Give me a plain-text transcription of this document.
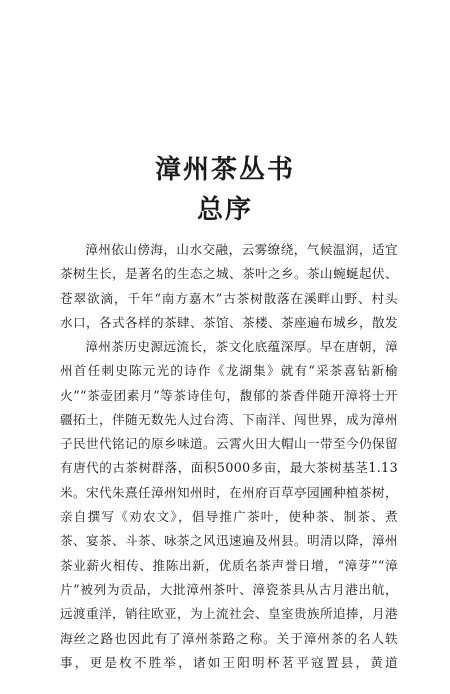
漳州茶丛书
总序

漳州依山傍海，山水交融，云雾缭绕，气候温润，适宜茶树生长，是著名的生态之城、茶叶之乡。茶山蜿蜒起伏、苍翠欲滴，千年“南方嘉木”古茶树散落在溪畔山野、村头水口，各式各样的茶肆、茶馆、茶楼、茶座遍布城乡，散发

漳州茶历史源远流长，茶文化底蕴深厚。早在唐朝，漳州首任刺史陈元光的诗作《龙湖集》就有“采茶喜钻新榆火”“茶壶团素月”等茶诗佳句，馥郁的茶香伴随开漳将士开疆拓土，伴随无数先人过台湾、下南洋、闯世界，成为漳州子民世代铭记的原乡味道。云霄火田大帽山一带至今仍保留有唐代的古茶树群落，面积5000多亩，最大茶树基茎1.13米。宋代朱熹任漳州知州时，在州府百草亭园圃种植茶树，亲自撰写《劝农文》，倡导推广茶叶，使种茶、制茶、煮茶、宴茶、斗茶、咏茶之风迅速遍及州县。明清以降，漳州茶业薪火相传、推陈出新，优质名茶声誉日增，“漳芽”“漳片”被列为贡品，大批漳州茶叶、漳瓷茶具从古月港出航，远渡重洋，销往欧亚，为上流社会、皇室贵族所追捧，月港海丝之路也因此有了漳州茶路之称。关于漳州茶的名人轶事，更是枚不胜举，诸如王阳明杯茗平寇置县，黄道
